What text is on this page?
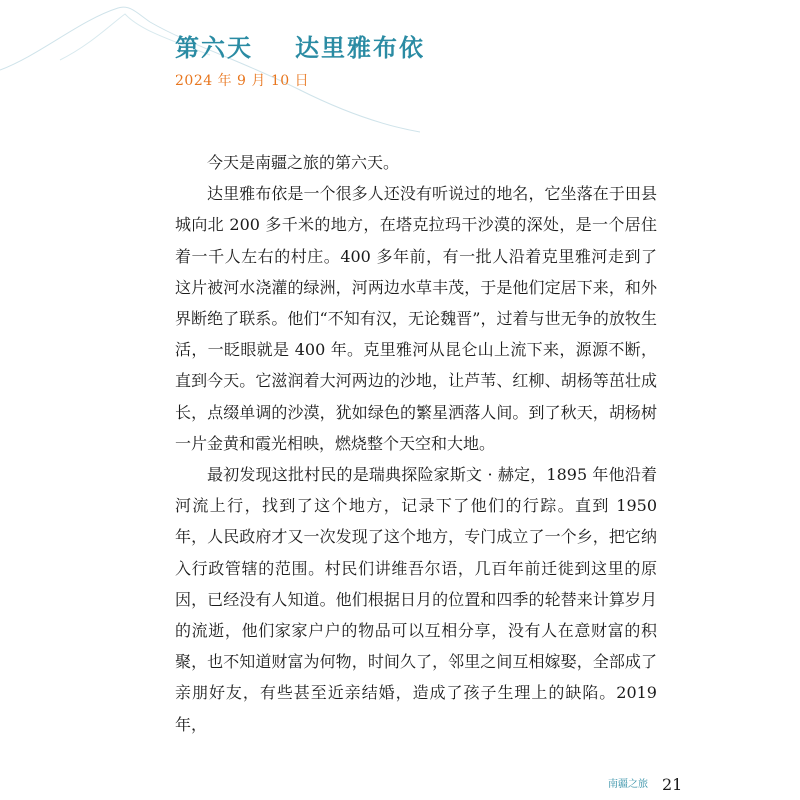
第六天 达里雅布依
2024 年 9 月 10 日

今天是南疆之旅的第六天。

达里雅布依是一个很多人还没有听说过的地名，它坐落在于田县城向北 200 多千米的地方，在塔克拉玛干沙漠的深处，是一个居住着一千人左右的村庄。400 多年前，有一批人沿着克里雅河走到了这片被河水浇灌的绿洲，河两边水草丰茂，于是他们定居下来，和外界断绝了联系。他们“不知有汉，无论魏晋”，过着与世无争的放牧生活，一眨眼就是 400 年。克里雅河从昆仑山上流下来，源源不断，直到今天。它滋润着大河两边的沙地，让芦苇、红柳、胡杨等茁壮成长，点缀单调的沙漠，犹如绿色的繁星洒落人间。到了秋天，胡杨树一片金黄和霞光相映，燃烧整个天空和大地。

最初发现这批村民的是瑞典探险家斯文 · 赫定，1895 年他沿着河流上行，找到了这个地方，记录下了他们的行踪。直到 1950 年，人民政府才又一次发现了这个地方，专门成立了一个乡，把它纳入行政管辖的范围。村民们讲维吾尔语，几百年前迁徙到这里的原因，已经没有人知道。他们根据日月的位置和四季的轮替来计算岁月的流逝，他们家家户户的物品可以互相分享，没有人在意财富的积聚，也不知道财富为何物，时间久了，邻里之间互相嫁娶，全部成了亲朋好友，有些甚至近亲结婚，造成了孩子生理上的缺陷。2019 年，

南疆之旅 21
